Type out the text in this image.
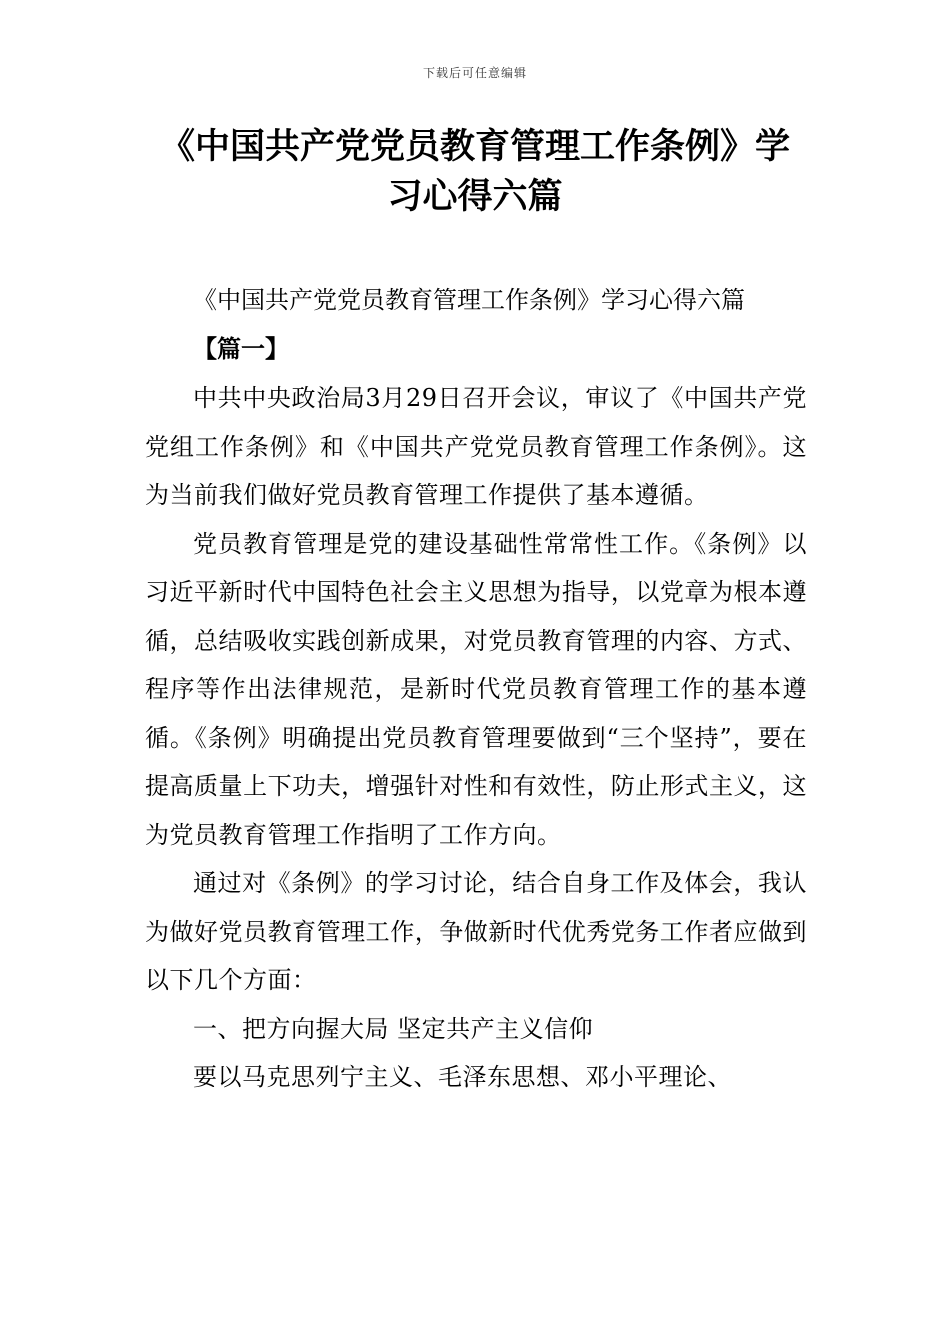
下载后可任意编辑
《中国共产党党员教育管理工作条例》学
习心得六篇
《中国共产党党员教育管理工作条例》学习心得六篇
【篇一】

中共中央政治局3月29日召开会议，审议了《中国共产党党组工作条例》和《中国共产党党员教育管理工作条例》。这为当前我们做好党员教育管理工作提供了基本遵循。

党员教育管理是党的建设基础性常常性工作。《条例》以习近平新时代中国特色社会主义思想为指导，以党章为根本遵循，总结吸收实践创新成果，对党员教育管理的内容、方式、程序等作出法律规范，是新时代党员教育管理工作的基本遵循。《条例》明确提出党员教育管理要做到“三个坚持”，要在提高质量上下功夫，增强针对性和有效性，防止形式主义，这为党员教育管理工作指明了工作方向。

通过对《条例》的学习讨论，结合自身工作及体会，我认为做好党员教育管理工作，争做新时代优秀党务工作者应做到以下几个方面：

一、把方向握大局 坚定共产主义信仰

要以马克思列宁主义、毛泽东思想、邓小平理论、
